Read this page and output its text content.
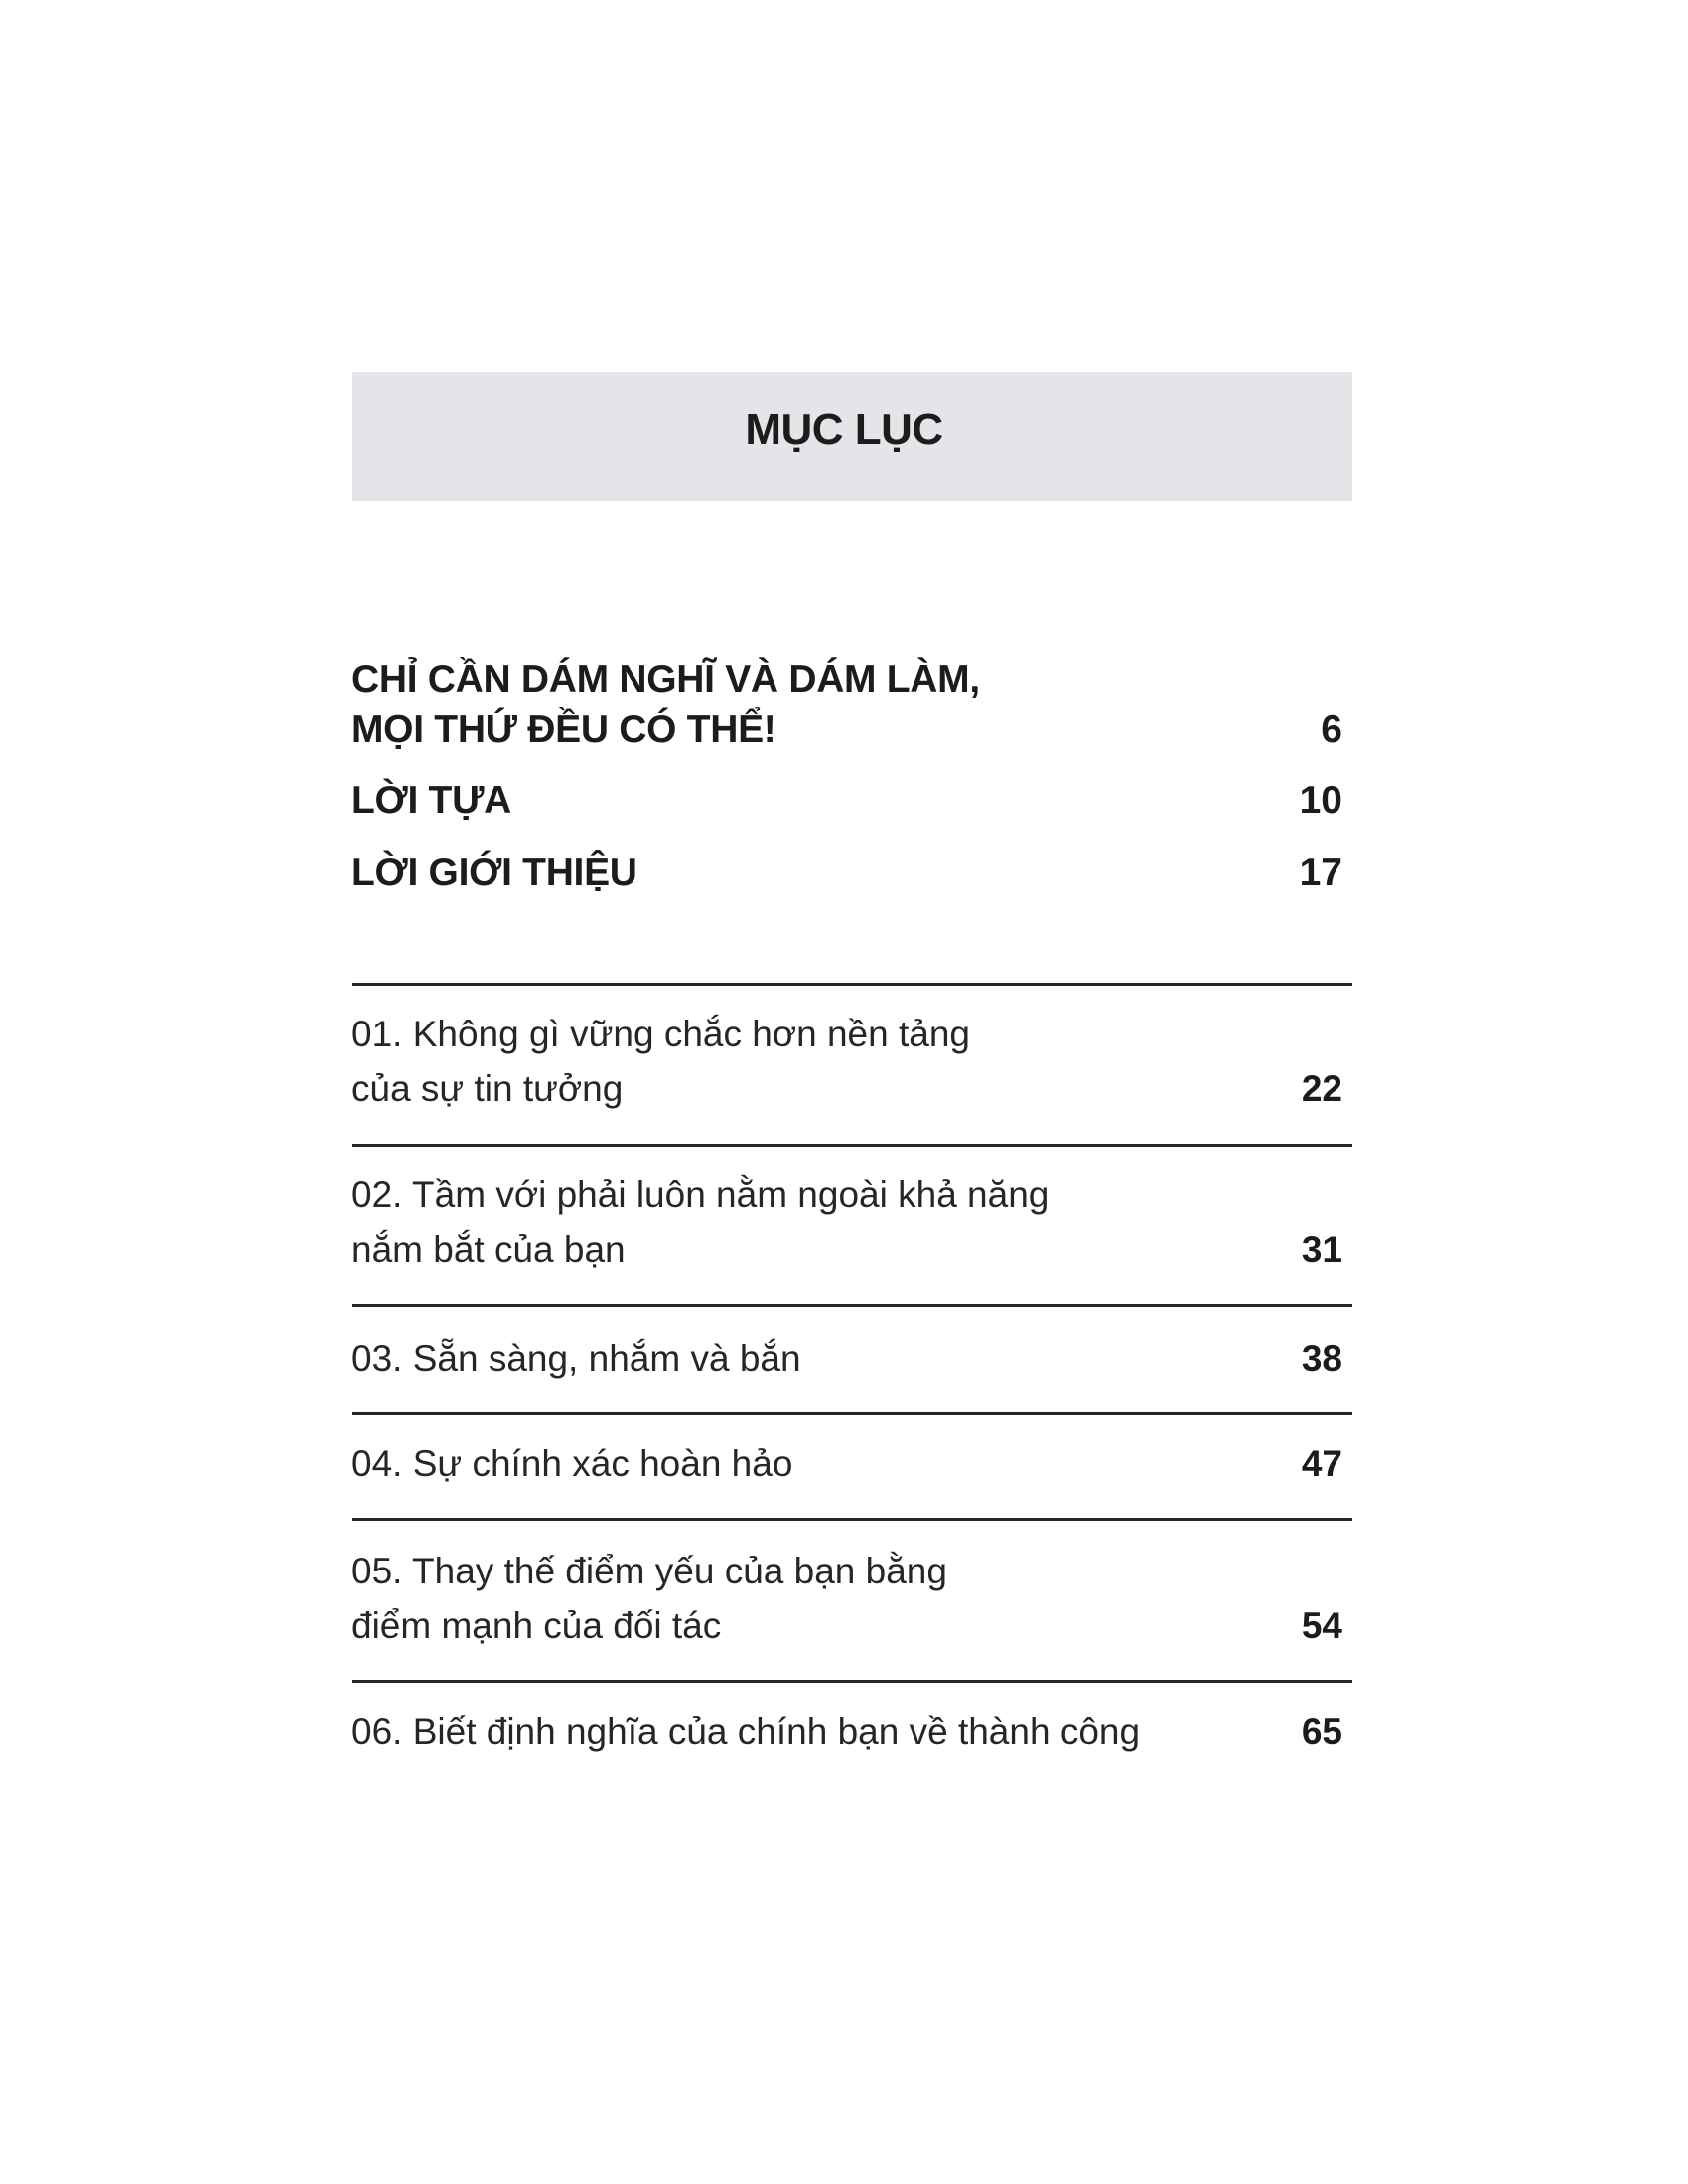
MỤC LỤC
CHỈ CẦN DÁM NGHĨ VÀ DÁM LÀM,
MỌI THỨ ĐỀU CÓ THỂ!	6
LỜI TỰA	10
LỜI GIỚI THIỆU	17
01. Không gì vững chắc hơn nền tảng
của sự tin tưởng	22
02. Tầm với phải luôn nằm ngoài khả năng
nắm bắt của bạn	31
03. Sẵn sàng, nhắm và bắn	38
04. Sự chính xác hoàn hảo	47
05. Thay thế điểm yếu của bạn bằng
điểm mạnh của đối tác	54
06. Biết định nghĩa của chính bạn về thành công	65
